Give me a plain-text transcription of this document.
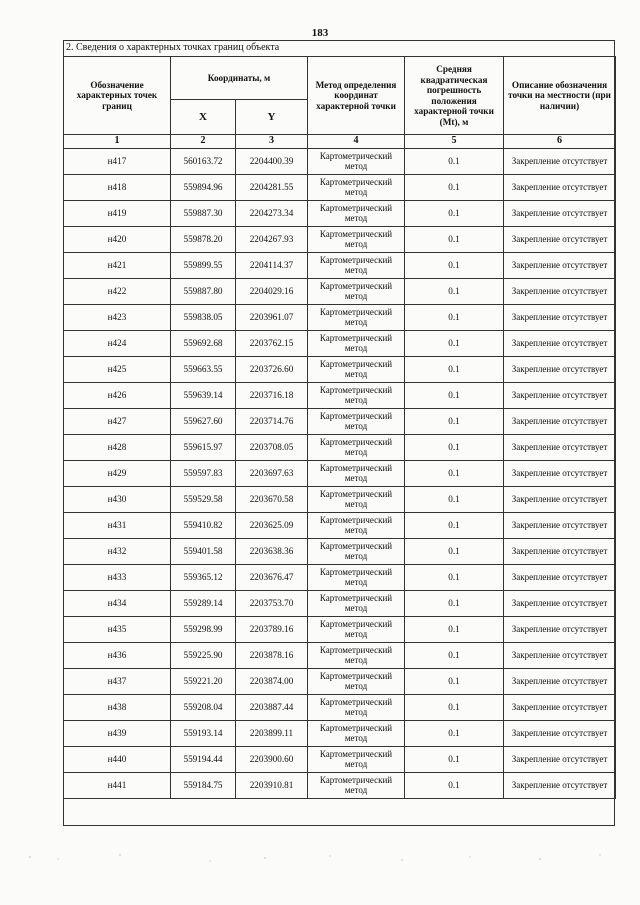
183
2. Сведения о характерных точках границ объекта
Обозначение характерных точек границ	Координаты, м		Метод определения координат характерной точки	Средняя квадратическая погрешность положения характерной точки (Mt), м	Описание обозначения точки на местности (при наличии)
	X	Y			
1	2	3	4	5	6
н417	560163.72	2204400.39	Картометрический метод	0.1	Закрепление отсутствует
н418	559894.96	2204281.55	Картометрический метод	0.1	Закрепление отсутствует
н419	559887.30	2204273.34	Картометрический метод	0.1	Закрепление отсутствует
н420	559878.20	2204267.93	Картометрический метод	0.1	Закрепление отсутствует
н421	559899.55	2204114.37	Картометрический метод	0.1	Закрепление отсутствует
н422	559887.80	2204029.16	Картометрический метод	0.1	Закрепление отсутствует
н423	559838.05	2203961.07	Картометрический метод	0.1	Закрепление отсутствует
н424	559692.68	2203762.15	Картометрический метод	0.1	Закрепление отсутствует
н425	559663.55	2203726.60	Картометрический метод	0.1	Закрепление отсутствует
н426	559639.14	2203716.18	Картометрический метод	0.1	Закрепление отсутствует
н427	559627.60	2203714.76	Картометрический метод	0.1	Закрепление отсутствует
н428	559615.97	2203708.05	Картометрический метод	0.1	Закрепление отсутствует
н429	559597.83	2203697.63	Картометрический метод	0.1	Закрепление отсутствует
н430	559529.58	2203670.58	Картометрический метод	0.1	Закрепление отсутствует
н431	559410.82	2203625.09	Картометрический метод	0.1	Закрепление отсутствует
н432	559401.58	2203638.36	Картометрический метод	0.1	Закрепление отсутствует
н433	559365.12	2203676.47	Картометрический метод	0.1	Закрепление отсутствует
н434	559289.14	2203753.70	Картометрический метод	0.1	Закрепление отсутствует
н435	559298.99	2203789.16	Картометрический метод	0.1	Закрепление отсутствует
н436	559225.90	2203878.16	Картометрический метод	0.1	Закрепление отсутствует
н437	559221.20	2203874.00	Картометрический метод	0.1	Закрепление отсутствует
н438	559208.04	2203887.44	Картометрический метод	0.1	Закрепление отсутствует
н439	559193.14	2203899.11	Картометрический метод	0.1	Закрепление отсутствует
н440	559194.44	2203900.60	Картометрический метод	0.1	Закрепление отсутствует
н441	559184.75	2203910.81	Картометрический метод	0.1	Закрепление отсутствует
